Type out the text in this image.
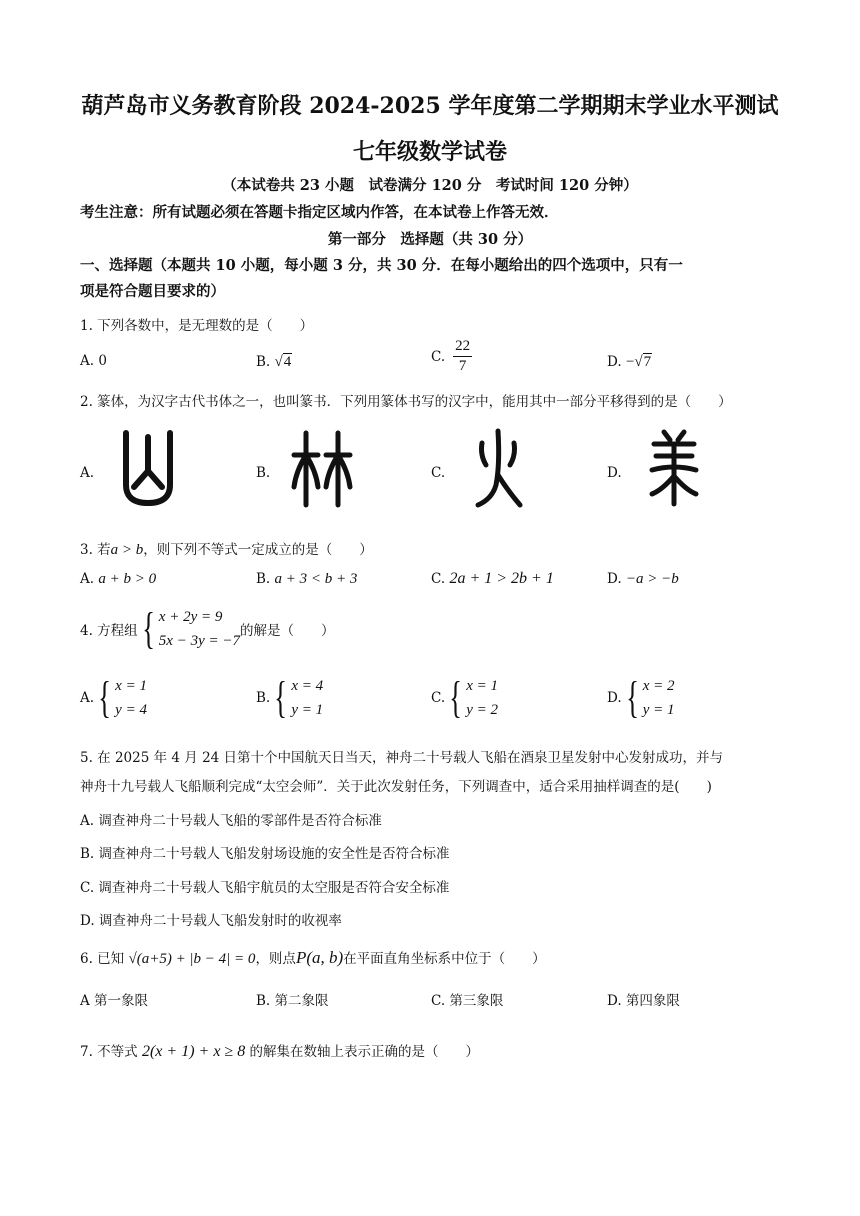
葫芦岛市义务教育阶段 2024-2025 学年度第二学期期末学业水平测试
七年级数学试卷
（本试卷共 23 小题　试卷满分 120 分　考试时间 120 分钟）
考生注意：所有试题必须在答题卡指定区域内作答，在本试卷上作答无效．
第一部分　选择题（共 30 分）
一、选择题（本题共 10 小题，每小题 3 分，共 30 分．在每小题给出的四个选项中，只有一
项是符合题目要求的）
1. 下列各数中，是无理数的是（　　）
A. 0	B. √4	C. $\frac{22}{7}$	D. −√7
2. 篆体，为汉字古代书体之一，也叫篆书．下列用篆体书写的汉字中，能用其中一部分平移得到的是（　　）
A.	B.	C.	D.
3. 若a > b，则下列不等式一定成立的是（　　）
A. a + b > 0	B. a + 3 < b + 3	C. 2a + 1 > 2b + 1	D. −a > −b
4. 方程组 { x + 2y = 9
5x − 3y = −7
的解是（　　）
A. { x = 1
y = 4
B. { x = 4
y = 1
C. { x = 1
y = 2
D. { x = 2
y = 1
5. 在 2025 年 4 月 24 日第十个中国航天日当天，神舟二十号载人飞船在酒泉卫星发射中心发射成功，并与
神舟十九号载人飞船顺利完成“太空会师”．关于此次发射任务，下列调查中，适合采用抽样调查的是(　　)
A. 调查神舟二十号载人飞船的零部件是否符合标准
B. 调查神舟二十号载人飞船发射场设施的安全性是否符合标准
C. 调查神舟二十号载人飞船宇航员的太空服是否符合安全标准
D. 调查神舟二十号载人飞船发射时的收视率
6. 已知 √(a+5) + |b − 4| = 0，则点P(a, b)在平面直角坐标系中位于（　　）
A 第一象限	B. 第二象限	C. 第三象限	D. 第四象限
7. 不等式 2(x + 1) + x ≥ 8 的解集在数轴上表示正确的是（　　）
